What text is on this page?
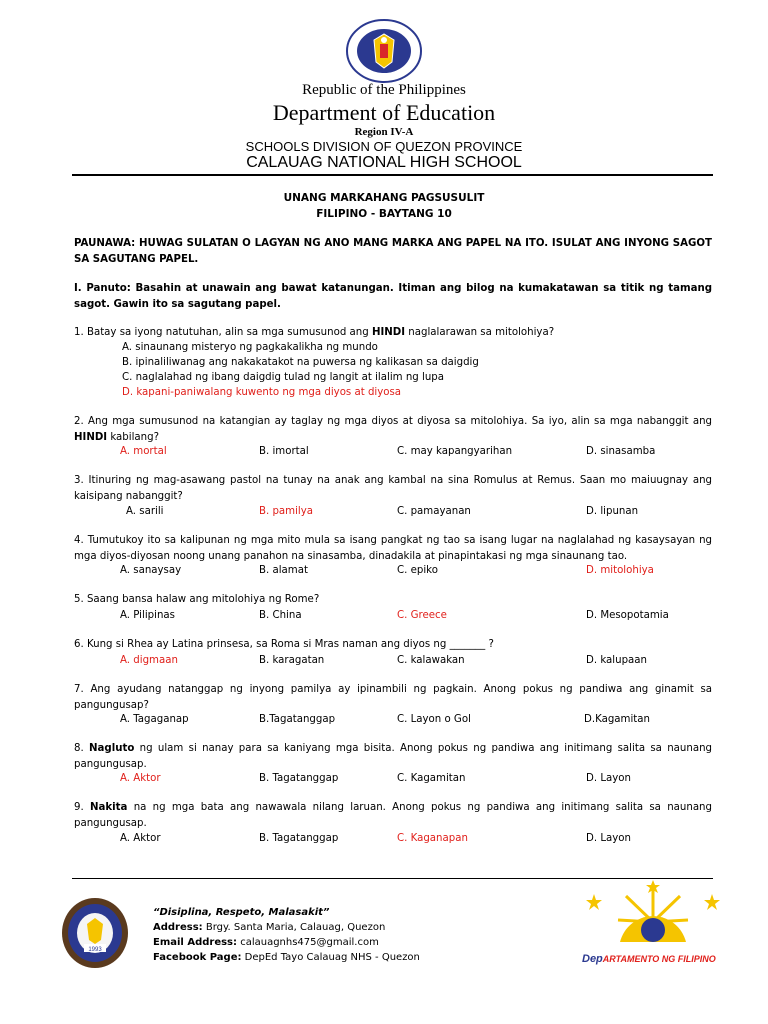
Republic of the Philippines
Department of Education
Region IV-A
SCHOOLS DIVISION OF QUEZON PROVINCE
CALAUAG NATIONAL HIGH SCHOOL
UNANG MARKAHANG PAGSUSULIT
FILIPINO - BAYTANG 10
PAUNAWA: HUWAG SULATAN O LAGYAN NG ANO MANG MARKA ANG PAPEL NA ITO. ISULAT ANG INYONG SAGOT SA SAGUTANG PAPEL.
I. Panuto: Basahin at unawain ang bawat katanungan. Itiman ang bilog na kumakatawan sa titik ng tamang sagot. Gawin ito sa sagutang papel.
1. Batay sa iyong natutuhan, alin sa mga sumusunod ang HINDI naglalarawan sa mitolohiya?
A. sinaunang misteryo ng pagkakalikha ng mundo
B. ipinaliliwanag ang nakakatakot na puwersa ng kalikasan sa daigdig
C. naglalahad ng ibang daigdig tulad ng langit at ilalim ng lupa
D. kapani-paniwalang kuwento ng mga diyos at diyosa
2. Ang mga sumusunod na katangian ay taglay ng mga diyos at diyosa sa mitolohiya. Sa iyo, alin sa mga nabanggit ang HINDI kabilang?
A. mortal	B. imortal	C. may kapangyarihan	D. sinasamba
3. Itinuring ng mag-asawang pastol na tunay na anak ang kambal na sina Romulus at Remus. Saan mo maiuugnay ang kaisipang nabanggit?
A. sarili	B. pamilya	C. pamayanan	D. lipunan
4. Tumutukoy ito sa kalipunan ng mga mito mula sa isang pangkat ng tao sa isang lugar na naglalahad ng kasaysayan ng mga diyos-diyosan noong unang panahon na sinasamba, dinadakila at pinapintakasi ng mga sinaunang tao.
A. sanaysay	B. alamat	C. epiko	D. mitolohiya
5. Saang bansa halaw ang mitolohiya ng Rome?
A. Pilipinas	B. China	C. Greece	D. Mesopotamia
6. Kung si Rhea ay Latina prinsesa, sa Roma si Mras naman ang diyos ng _______ ?
A. digmaan	B. karagatan	C. kalawakan	D. kalupaan
7. Ang ayudang natanggap ng inyong pamilya ay ipinambili ng pagkain. Anong pokus ng pandiwa ang ginamit sa pangungusap?
A. Tagaganap	B.Tagatanggap	C. Layon o Gol	D.Kagamitan
8. Nagluto ng ulam si nanay para sa kaniyang mga bisita. Anong pokus ng pandiwa ang initimang salita sa naunang pangungusap.
A. Aktor	B. Tagatanggap	C. Kagamitan	D. Layon
9. Nakita na ng mga bata ang nawawala nilang laruan. Anong pokus ng pandiwa ang initimang salita sa naunang pangungusap.
A. Aktor	B. Tagatanggap	C. Kaganapan	D. Layon
1993
“Disiplina, Respeto, Malasakit”
Address: Brgy. Santa Maria, Calauag, Quezon
Email Address: calauagnhs475@gmail.com
Facebook Page: DepEd Tayo Calauag NHS - Quezon	DepARTAMENTO NG FILIPINO
